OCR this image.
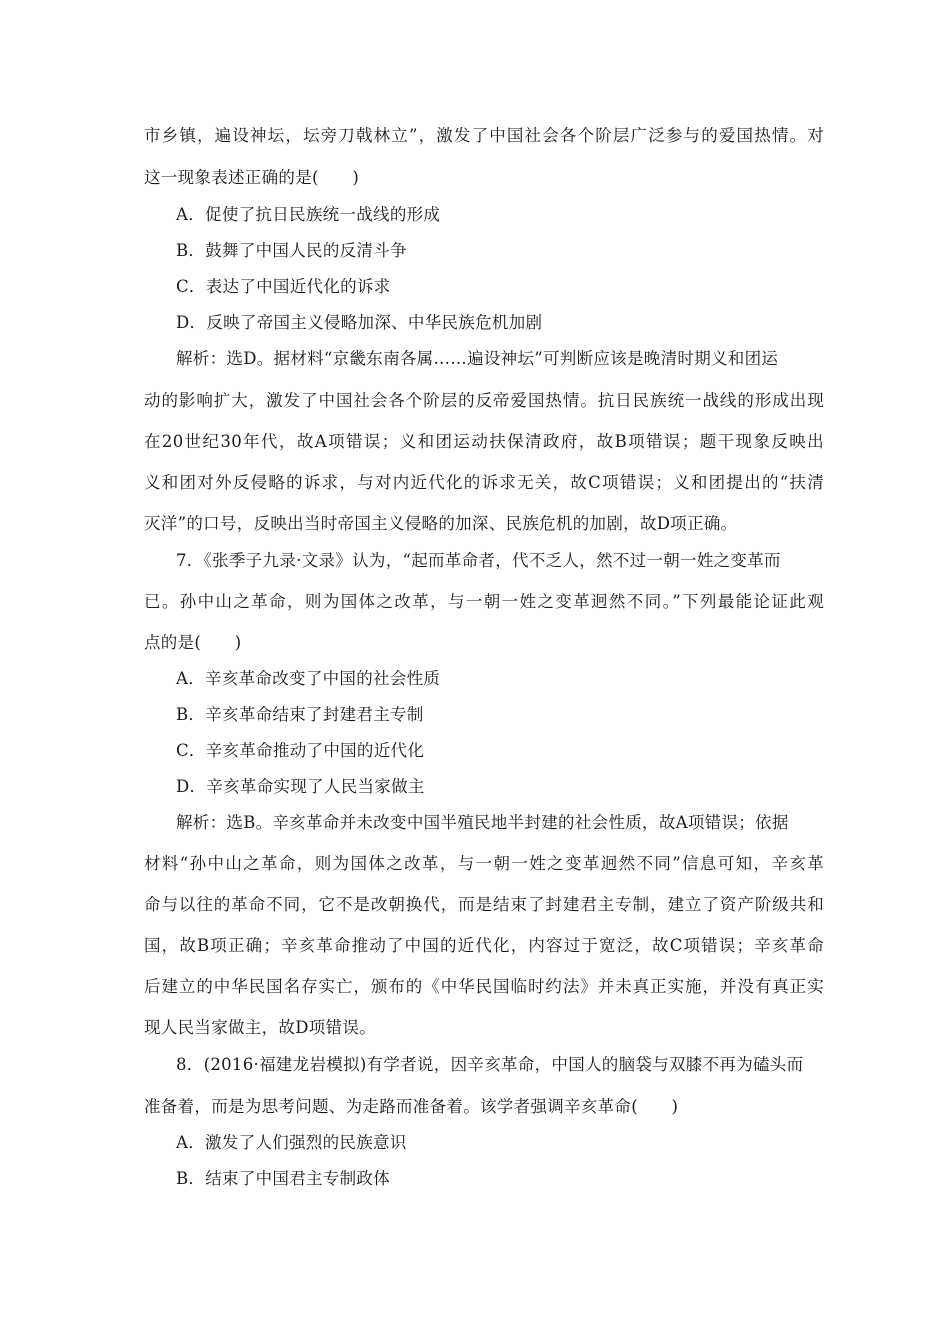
市乡镇，遍设神坛，坛旁刀戟林立”，激发了中国社会各个阶层广泛参与的爱国热情。对
这一现象表述正确的是(　　)
A．促使了抗日民族统一战线的形成
B．鼓舞了中国人民的反清斗争
C．表达了中国近代化的诉求
D．反映了帝国主义侵略加深、中华民族危机加剧
解析：选D。据材料“京畿东南各属……遍设神坛”可判断应该是晚清时期义和团运
动的影响扩大，激发了中国社会各个阶层的反帝爱国热情。抗日民族统一战线的形成出现
在20世纪30年代，故A项错误；义和团运动扶保清政府，故B项错误；题干现象反映出
义和团对外反侵略的诉求，与对内近代化的诉求无关，故C项错误；义和团提出的“扶清
灭洋”的口号，反映出当时帝国主义侵略的加深、民族危机的加剧，故D项正确。
7．《张季子九录·文录》认为，“起而革命者，代不乏人，然不过一朝一姓之变革而
已。孙中山之革命，则为国体之改革，与一朝一姓之变革迥然不同。”下列最能论证此观
点的是(　　)
A．辛亥革命改变了中国的社会性质
B．辛亥革命结束了封建君主专制
C．辛亥革命推动了中国的近代化
D．辛亥革命实现了人民当家做主
解析：选B。辛亥革命并未改变中国半殖民地半封建的社会性质，故A项错误；依据
材料“孙中山之革命，则为国体之改革，与一朝一姓之变革迥然不同”信息可知，辛亥革
命与以往的革命不同，它不是改朝换代，而是结束了封建君主专制，建立了资产阶级共和
国，故B项正确；辛亥革命推动了中国的近代化，内容过于宽泛，故C项错误；辛亥革命
后建立的中华民国名存实亡，颁布的《中华民国临时约法》并未真正实施，并没有真正实
现人民当家做主，故D项错误。
8．(2016·福建龙岩模拟)有学者说，因辛亥革命，中国人的脑袋与双膝不再为磕头而
准备着，而是为思考问题、为走路而准备着。该学者强调辛亥革命(　　)
A．激发了人们强烈的民族意识
B．结束了中国君主专制政体
